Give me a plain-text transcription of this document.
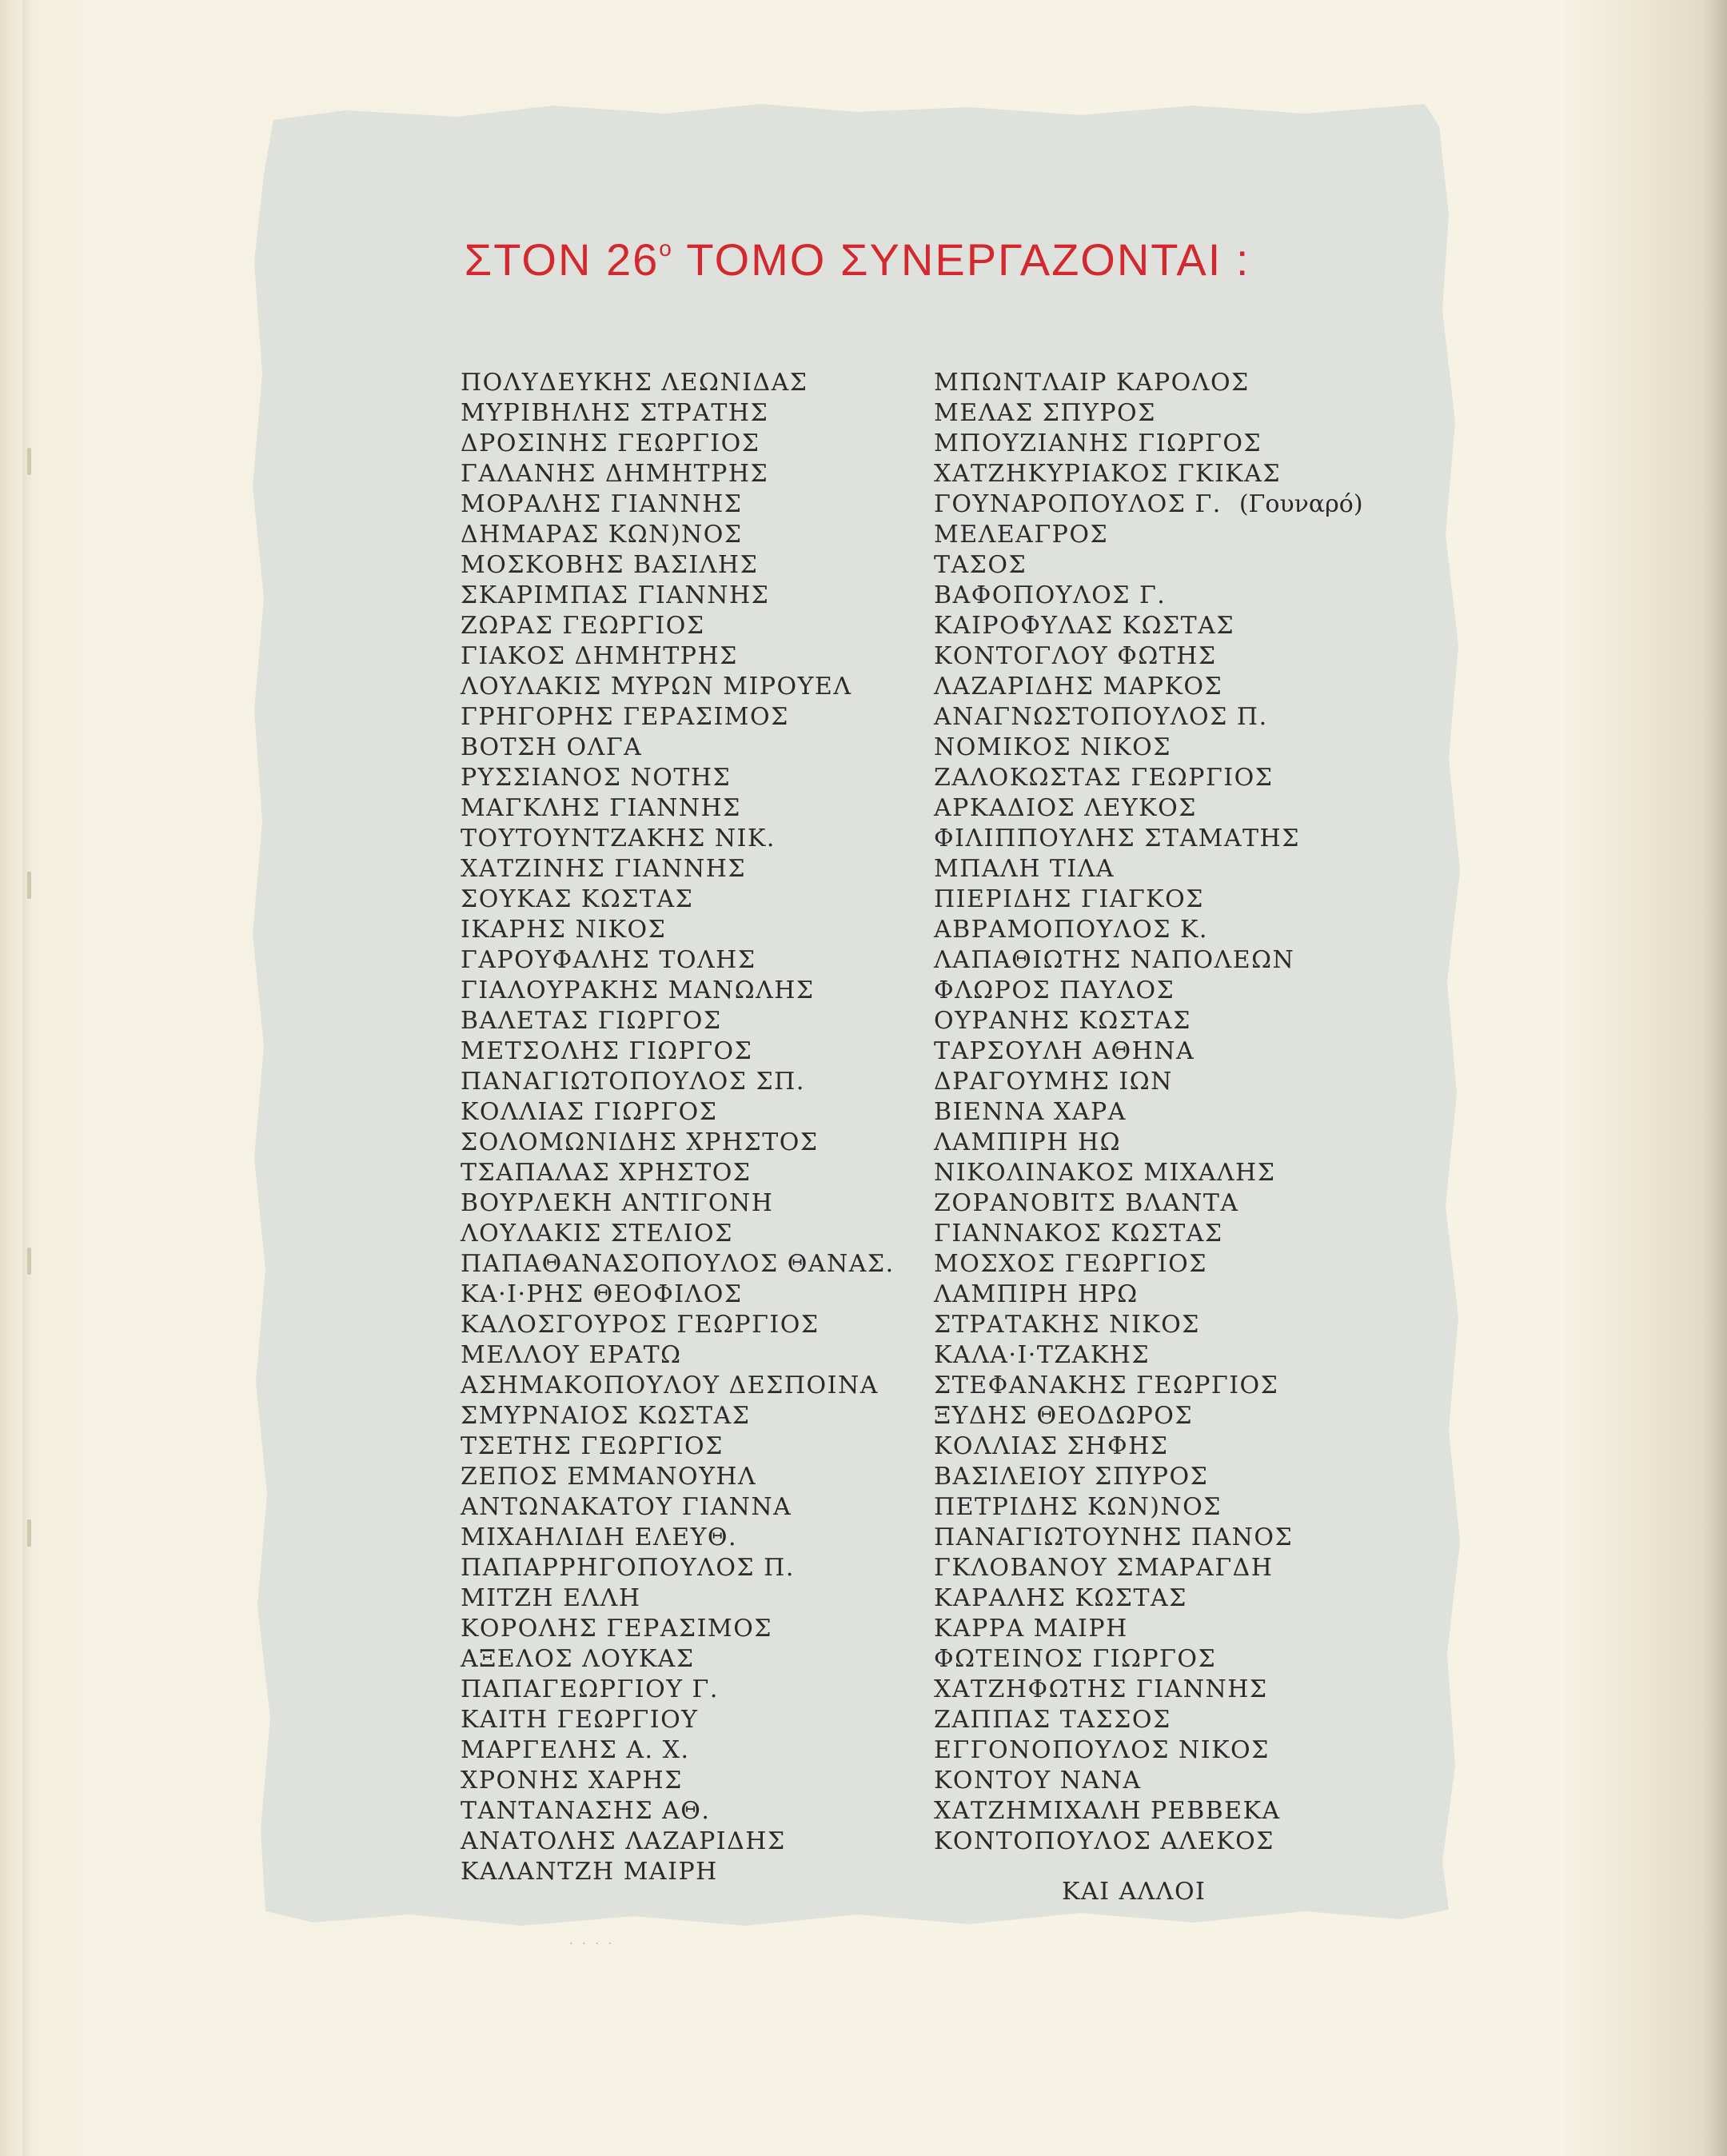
ΣΤΟΝ $26^o$ ΤΟΜΟ ΣΥΝΕΡΓΑΖΟΝΤΑΙ :
ΠΟΛΥΔΕΥΚΗΣ ΛΕΩΝΙΔΑΣ
ΜΥΡΙΒΗΛΗΣ ΣΤΡΑΤΗΣ
ΔΡΟΣΙΝΗΣ ΓΕΩΡΓΙΟΣ
ΓΑΛΑΝΗΣ ΔΗΜΗΤΡΗΣ
ΜΟΡΑΛΗΣ ΓΙΑΝΝΗΣ
ΔΗΜΑΡΑΣ ΚΩΝ)ΝΟΣ
ΜΟΣΚΟΒΗΣ ΒΑΣΙΛΗΣ
ΣΚΑΡΙΜΠΑΣ ΓΙΑΝΝΗΣ
ΖΩΡΑΣ ΓΕΩΡΓΙΟΣ
ΓΙΑΚΟΣ ΔΗΜΗΤΡΗΣ
ΛΟΥΛΑΚΙΣ ΜΥΡΩΝ ΜΙΡΟΥΕΛ
ΓΡΗΓΟΡΗΣ ΓΕΡΑΣΙΜΟΣ
ΒΟΤΣΗ ΟΛΓΑ
ΡΥΣΣΙΑΝΟΣ ΝΟΤΗΣ
ΜΑΓΚΛΗΣ ΓΙΑΝΝΗΣ
ΤΟΥΤΟΥΝΤΖΑΚΗΣ ΝΙΚ.
ΧΑΤΖΙΝΗΣ ΓΙΑΝΝΗΣ
ΣΟΥΚΑΣ ΚΩΣΤΑΣ
ΙΚΑΡΗΣ ΝΙΚΟΣ
ΓΑΡΟΥΦΑΛΗΣ ΤΟΛΗΣ
ΓΙΑΛΟΥΡΑΚΗΣ ΜΑΝΩΛΗΣ
ΒΑΛΕΤΑΣ ΓΙΩΡΓΟΣ
ΜΕΤΣΟΛΗΣ ΓΙΩΡΓΟΣ
ΠΑΝΑΓΙΩΤΟΠΟΥΛΟΣ ΣΠ.
ΚΟΛΛΙΑΣ ΓΙΩΡΓΟΣ
ΣΟΛΟΜΩΝΙΔΗΣ ΧΡΗΣΤΟΣ
ΤΣΑΠΑΛΑΣ ΧΡΗΣΤΟΣ
ΒΟΥΡΛΕΚΗ ΑΝΤΙΓΟΝΗ
ΛΟΥΛΑΚΙΣ ΣΤΕΛΙΟΣ
ΠΑΠΑΘΑΝΑΣΟΠΟΥΛΟΣ ΘΑΝΑΣ.
ΚΑ·Ι·ΡΗΣ ΘΕΟΦΙΛΟΣ
ΚΑΛΟΣΓΟΥΡΟΣ ΓΕΩΡΓΙΟΣ
ΜΕΛΛΟΥ ΕΡΑΤΩ
ΑΣΗΜΑΚΟΠΟΥΛΟΥ ΔΕΣΠΟΙΝΑ
ΣΜΥΡΝΑΙΟΣ ΚΩΣΤΑΣ
ΤΣΕΤΗΣ ΓΕΩΡΓΙΟΣ
ΖΕΠΟΣ ΕΜΜΑΝΟΥΗΛ
ΑΝΤΩΝΑΚΑΤΟΥ ΓΙΑΝΝΑ
ΜΙΧΑΗΛΙΔΗ ΕΛΕΥΘ.
ΠΑΠΑΡΡΗΓΟΠΟΥΛΟΣ Π.
ΜΙΤΖΗ ΕΛΛΗ
ΚΟΡΟΛΗΣ ΓΕΡΑΣΙΜΟΣ
ΑΞΕΛΟΣ ΛΟΥΚΑΣ
ΠΑΠΑΓΕΩΡΓΙΟΥ Γ.
ΚΑΙΤΗ ΓΕΩΡΓΙΟΥ
ΜΑΡΓΕΛΗΣ Α. Χ.
ΧΡΟΝΗΣ ΧΑΡΗΣ
ΤΑΝΤΑΝΑΣΗΣ ΑΘ.
ΑΝΑΤΟΛΗΣ ΛΑΖΑΡΙΔΗΣ
ΚΑΛΑΝΤΖΗ ΜΑΙΡΗ
ΜΠΩΝΤΛΑΙΡ ΚΑΡΟΛΟΣ
ΜΕΛΑΣ ΣΠΥΡΟΣ
ΜΠΟΥΖΙΑΝΗΣ ΓΙΩΡΓΟΣ
ΧΑΤΖΗΚΥΡΙΑΚΟΣ ΓΚΙΚΑΣ
ΓΟΥΝΑΡΟΠΟΥΛΟΣ Γ. (Γουναρό)
ΜΕΛΕΑΓΡΟΣ
ΤΑΣΟΣ
ΒΑΦΟΠΟΥΛΟΣ Γ.
ΚΑΙΡΟΦΥΛΑΣ ΚΩΣΤΑΣ
ΚΟΝΤΟΓΛΟΥ ΦΩΤΗΣ
ΛΑΖΑΡΙΔΗΣ ΜΑΡΚΟΣ
ΑΝΑΓΝΩΣΤΟΠΟΥΛΟΣ Π.
ΝΟΜΙΚΟΣ ΝΙΚΟΣ
ΖΑΛΟΚΩΣΤΑΣ ΓΕΩΡΓΙΟΣ
ΑΡΚΑΔΙΟΣ ΛΕΥΚΟΣ
ΦΙΛΙΠΠΟΥΛΗΣ ΣΤΑΜΑΤΗΣ
ΜΠΑΛΗ ΤΙΛΑ
ΠΙΕΡΙΔΗΣ ΓΙΑΓΚΟΣ
ΑΒΡΑΜΟΠΟΥΛΟΣ Κ.
ΛΑΠΑΘΙΩΤΗΣ ΝΑΠΟΛΕΩΝ
ΦΛΩΡΟΣ ΠΑΥΛΟΣ
ΟΥΡΑΝΗΣ ΚΩΣΤΑΣ
ΤΑΡΣΟΥΛΗ ΑΘΗΝΑ
ΔΡΑΓΟΥΜΗΣ ΙΩΝ
ΒΙΕΝΝΑ ΧΑΡΑ
ΛΑΜΠΙΡΗ ΗΩ
ΝΙΚΟΛΙΝΑΚΟΣ ΜΙΧΑΛΗΣ
ΖΟΡΑΝΟΒΙΤΣ ΒΛΑΝΤΑ
ΓΙΑΝΝΑΚΟΣ ΚΩΣΤΑΣ
ΜΟΣΧΟΣ ΓΕΩΡΓΙΟΣ
ΛΑΜΠΙΡΗ ΗΡΩ
ΣΤΡΑΤΑΚΗΣ ΝΙΚΟΣ
ΚΑΛΑ·Ι·ΤΖΑΚΗΣ
ΣΤΕΦΑΝΑΚΗΣ ΓΕΩΡΓΙΟΣ
ΞΥΔΗΣ ΘΕΟΔΩΡΟΣ
ΚΟΛΛΙΑΣ ΣΗΦΗΣ
ΒΑΣΙΛΕΙΟΥ ΣΠΥΡΟΣ
ΠΕΤΡΙΔΗΣ ΚΩΝ)ΝΟΣ
ΠΑΝΑΓΙΩΤΟΥΝΗΣ ΠΑΝΟΣ
ΓΚΛΟΒΑΝΟΥ ΣΜΑΡΑΓΔΗ
ΚΑΡΑΛΗΣ ΚΩΣΤΑΣ
ΚΑΡΡΑ ΜΑΙΡΗ
ΦΩΤΕΙΝΟΣ ΓΙΩΡΓΟΣ
ΧΑΤΖΗΦΩΤΗΣ ΓΙΑΝΝΗΣ
ΖΑΠΠΑΣ ΤΑΣΣΟΣ
ΕΓΓΟΝΟΠΟΥΛΟΣ ΝΙΚΟΣ
ΚΟΝΤΟΥ ΝΑΝΑ
ΧΑΤΖΗΜΙΧΑΛΗ ΡΕΒΒΕΚΑ
ΚΟΝΤΟΠΟΥΛΟΣ ΑΛΕΚΟΣ

ΚΑΙ ΑΛΛΟΙ

· · · ·
